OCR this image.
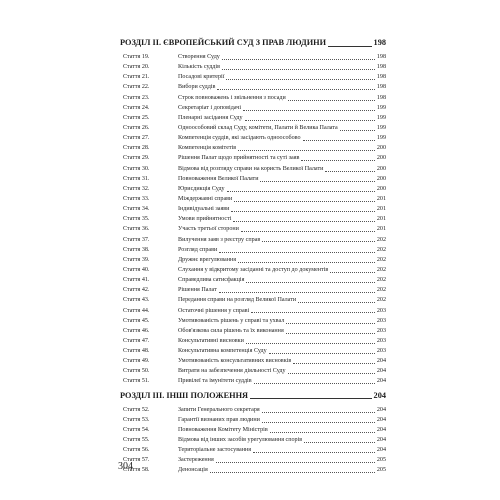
РОЗДІЛ ІІ. ЄВРОПЕЙСЬКИЙ СУД З ПРАВ ЛЮДИНИ	198
Стаття 19.	Створення Суду	198
Стаття 20.	Кількість суддів	198
Стаття 21.	Посадові критерії	198
Стаття 22.	Вибори суддів	198
Стаття 23.	Строк повноважень і звільнення з посади	198
Стаття 24.	Секретаріат і доповідачі	199
Стаття 25.	Пленарні засідання Суду	199
Стаття 26.	Одноособовий склад Суду, комітети, Палати й Велика Палата	199
Стаття 27.	Компетенція суддів, які засідають одноособово	199
Стаття 28.	Компетенція комітетів	200
Стаття 29.	Рішення Палат щодо прийнятності та суті заяв	200
Стаття 30.	Відмова від розгляду справи на користь Великої Палати	200
Стаття 31.	Повноваження Великої Палати	200
Стаття 32.	Юрисдикція Суду	200
Стаття 33.	Міждержавні справи	201
Стаття 34.	Індивідуальні заяви	201
Стаття 35.	Умови прийнятності	201
Стаття 36.	Участь третьої сторони	201
Стаття 37.	Вилучення заяв з реєстру справ	202
Стаття 38.	Розгляд справи	202
Стаття 39.	Дружнє врегулювання	202
Стаття 40.	Слухання у відкритому засіданні та доступ до документів	202
Стаття 41.	Справедлива сатисфакція	202
Стаття 42.	Рішення Палат	202
Стаття 43.	Передання справи на розгляд Великої Палати	202
Стаття 44.	Остаточні рішення у справі	203
Стаття 45.	Умотивованість рішень у справі та ухвал	203
Стаття 46.	Обов'язкова сила рішень та їх виконання	203
Стаття 47.	Консультативні висновки	203
Стаття 48.	Консультативна компетенція Суду	203
Стаття 49.	Умотивованість консультативних висновків	204
Стаття 50.	Витрати на забезпечення діяльності Суду	204
Стаття 51.	Привілеї та імунітети суддів	204
РОЗДІЛ ІІІ. ІНШІ ПОЛОЖЕННЯ	204
Стаття 52.	Запити Генерального секретаря	204
Стаття 53.	Гарантії визнаних прав людини	204
Стаття 54.	Повноваження Комітету Міністрів	204
Стаття 55.	Відмова від інших засобів урегулювання спорів	204
Стаття 56.	Територіальне застосування	204
Стаття 57.	Застереження	205
Стаття 58.	Денонсація	205
304
